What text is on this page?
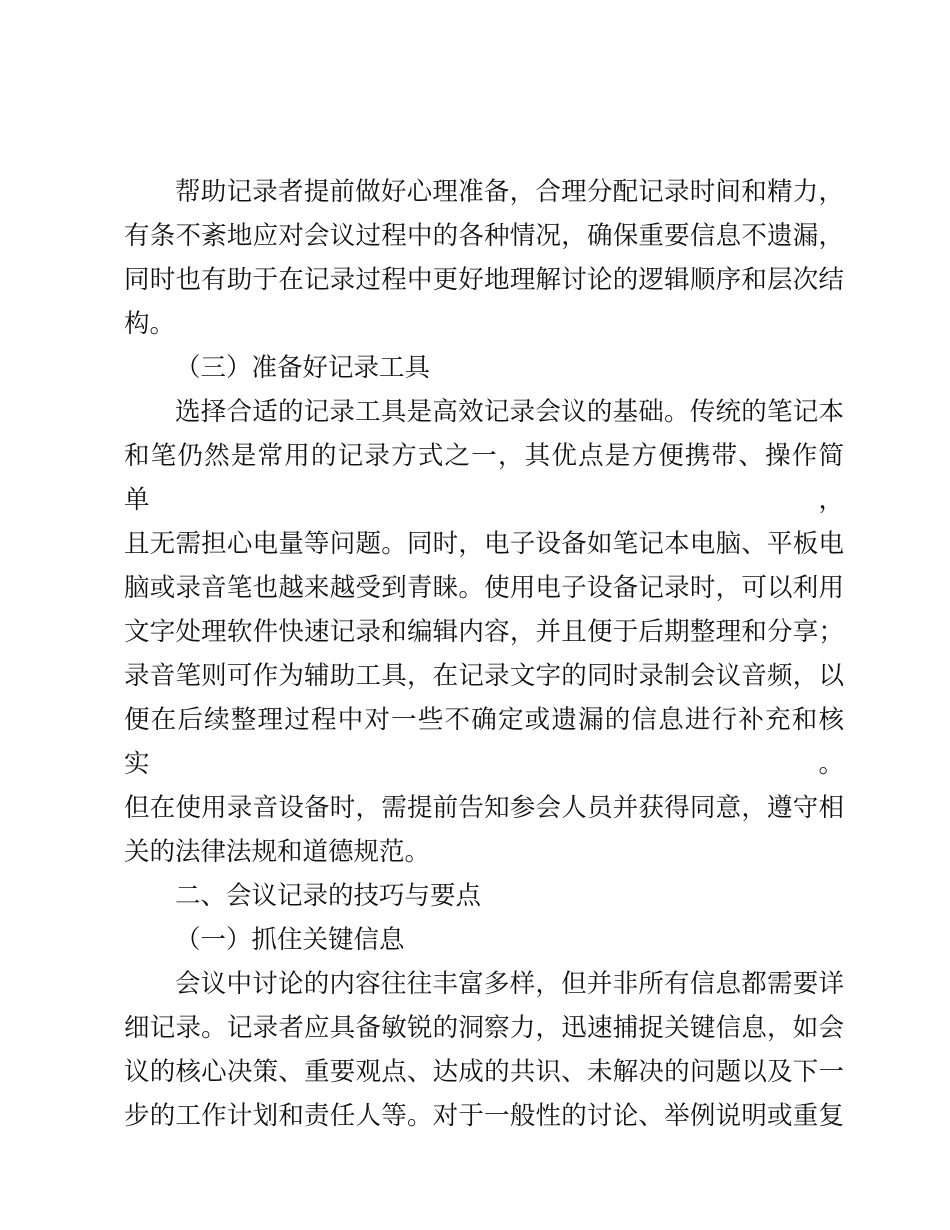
帮助记录者提前做好心理准备，合理分配记录时间和精力，
有条不紊地应对会议过程中的各种情况，确保重要信息不遗漏，
同时也有助于在记录过程中更好地理解讨论的逻辑顺序和层次结
构。
（三）准备好记录工具
选择合适的记录工具是高效记录会议的基础。传统的笔记本
和笔仍然是常用的记录方式之一，其优点是方便携带、操作简单，
且无需担心电量等问题。同时，电子设备如笔记本电脑、平板电
脑或录音笔也越来越受到青睐。使用电子设备记录时，可以利用
文字处理软件快速记录和编辑内容，并且便于后期整理和分享；
录音笔则可作为辅助工具，在记录文字的同时录制会议音频，以
便在后续整理过程中对一些不确定或遗漏的信息进行补充和核实。
但在使用录音设备时，需提前告知参会人员并获得同意，遵守相
关的法律法规和道德规范。
二、会议记录的技巧与要点
（一）抓住关键信息
会议中讨论的内容往往丰富多样，但并非所有信息都需要详
细记录。记录者应具备敏锐的洞察力，迅速捕捉关键信息，如会
议的核心决策、重要观点、达成的共识、未解决的问题以及下一
步的工作计划和责任人等。对于一般性的讨论、举例说明或重复
